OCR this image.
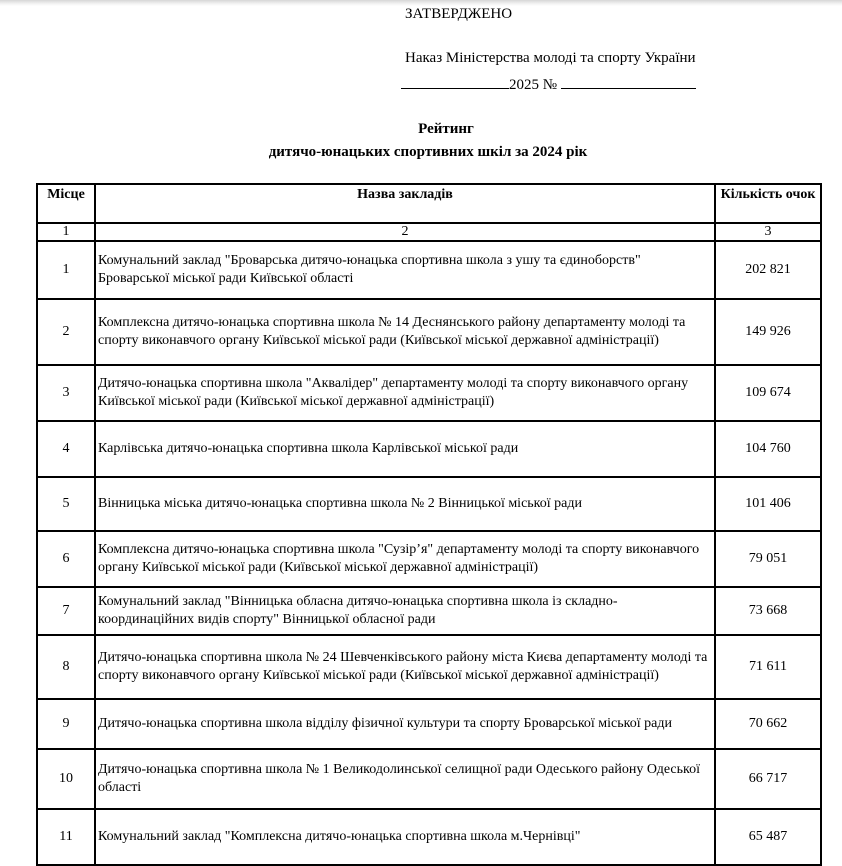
ЗАТВЕРДЖЕНО
Наказ Міністерства молоді та спорту України
2025 №
Рейтинг
дитячо-юнацьких спортивних шкіл за 2024 рік
Місце	Назва закладів	Кількість очок
1	2	3
1	Комунальний заклад "Броварська дитячо-юнацька спортивна школа з ушу та єдиноборств" Броварської міської ради Київської області	202 821
2	Комплексна дитячо-юнацька спортивна школа № 14 Деснянського району департаменту молоді та спорту виконавчого органу Київської міської ради (Київської міської державної адміністрації)	149 926
3	Дитячо-юнацька спортивна школа "Аквалідер" департаменту молоді та спорту виконавчого органу Київської міської ради (Київської міської державної адміністрації)	109 674
4	Карлівська дитячо-юнацька спортивна школа Карлівської міської ради	104 760
5	Вінницька міська дитячо-юнацька спортивна школа № 2 Вінницької міської ради	101 406
6	Комплексна дитячо-юнацька спортивна школа "Сузір’я" департаменту молоді та спорту виконавчого органу Київської міської ради (Київської міської державної адміністрації)	79 051
7	Комунальний заклад "Вінницька обласна дитячо-юнацька спортивна школа із складно-координаційних видів спорту" Вінницької обласної ради	73 668
8	Дитячо-юнацька спортивна школа № 24 Шевченківського району міста Києва департаменту молоді та спорту виконавчого органу Київської міської ради (Київської міської державної адміністрації)	71 611
9	Дитячо-юнацька спортивна школа відділу фізичної культури та спорту Броварської міської ради	70 662
10	Дитячо-юнацька спортивна школа № 1 Великодолинської селищної ради Одеського району Одеської області	66 717
11	Комунальний заклад "Комплексна дитячо-юнацька спортивна школа м.Чернівці"	65 487
